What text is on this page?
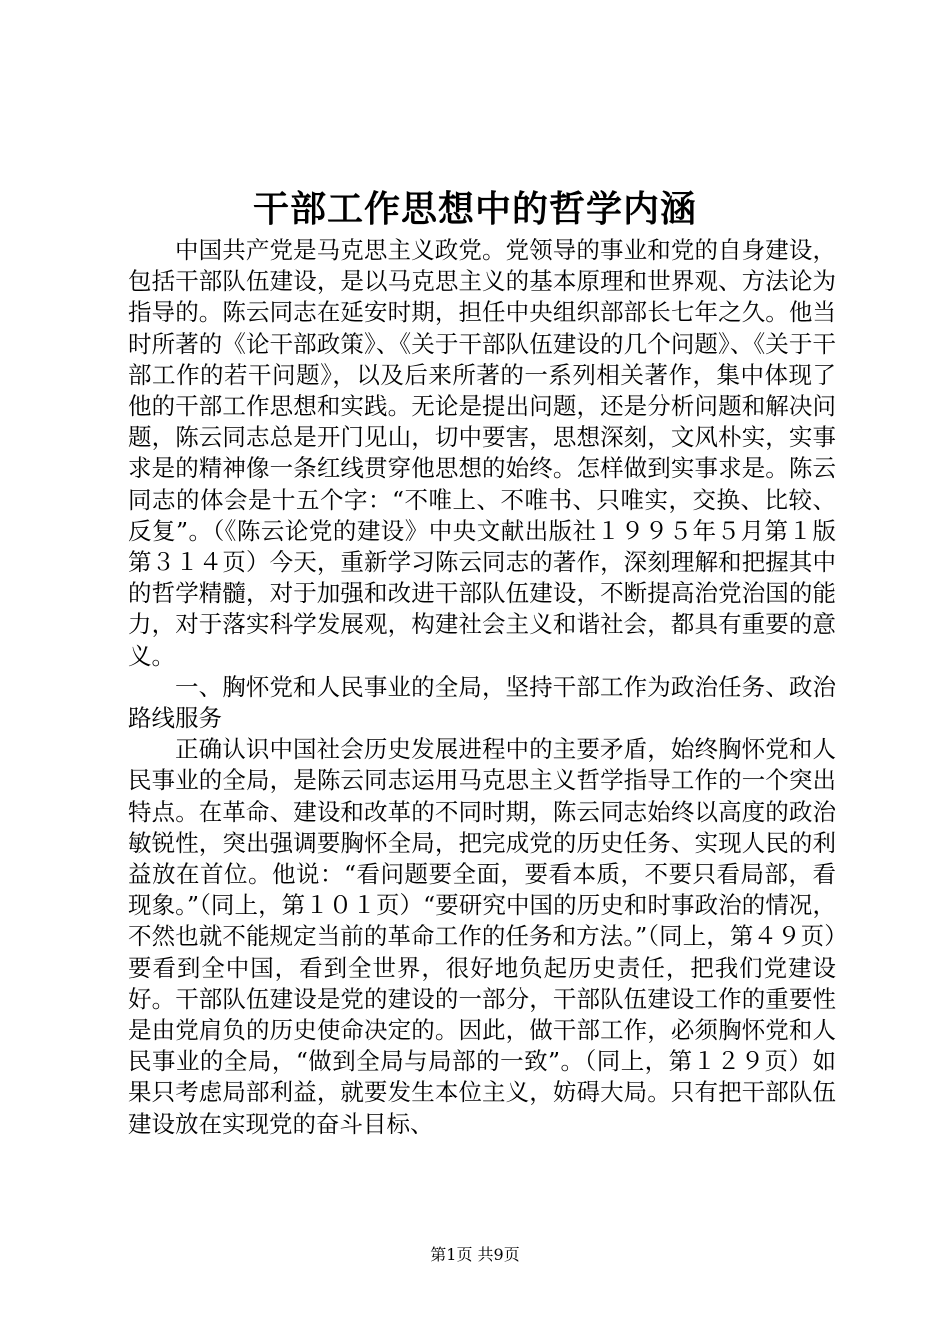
干部工作思想中的哲学内涵

中国共产党是马克思主义政党。党领导的事业和党的自身建设，包括干部队伍建设，是以马克思主义的基本原理和世界观、方法论为指导的。陈云同志在延安时期，担任中央组织部部长七年之久。他当时所著的《论干部政策》、《关于干部队伍建设的几个问题》、《关于干部工作的若干问题》，以及后来所著的一系列相关著作，集中体现了他的干部工作思想和实践。无论是提出问题，还是分析问题和解决问题，陈云同志总是开门见山，切中要害，思想深刻，文风朴实，实事求是的精神像一条红线贯穿他思想的始终。怎样做到实事求是。陈云同志的体会是十五个字：“不唯上、不唯书、只唯实，交换、比较、反复”。（《陈云论党的建设》中央文献出版社１９９５年５月第１版第３１４页）今天，重新学习陈云同志的著作，深刻理解和把握其中的哲学精髓，对于加强和改进干部队伍建设，不断提高治党治国的能力，对于落实科学发展观，构建社会主义和谐社会，都具有重要的意义。

一、胸怀党和人民事业的全局，坚持干部工作为政治任务、政治路线服务

正确认识中国社会历史发展进程中的主要矛盾，始终胸怀党和人民事业的全局，是陈云同志运用马克思主义哲学指导工作的一个突出特点。在革命、建设和改革的不同时期，陈云同志始终以高度的政治敏锐性，突出强调要胸怀全局，把完成党的历史任务、实现人民的利益放在首位。他说：“看问题要全面，要看本质，不要只看局部，看现象。”（同上，第１０１页）“要研究中国的历史和时事政治的情况，不然也就不能规定当前的革命工作的任务和方法。”（同上，第４９页）要看到全中国，看到全世界，很好地负起历史责任，把我们党建设好。干部队伍建设是党的建设的一部分，干部队伍建设工作的重要性是由党肩负的历史使命决定的。因此，做干部工作，必须胸怀党和人民事业的全局，“做到全局与局部的一致”。（同上，第１２９页）如果只考虑局部利益，就要发生本位主义，妨碍大局。只有把干部队伍建设放在实现党的奋斗目标、

第1页 共9页
